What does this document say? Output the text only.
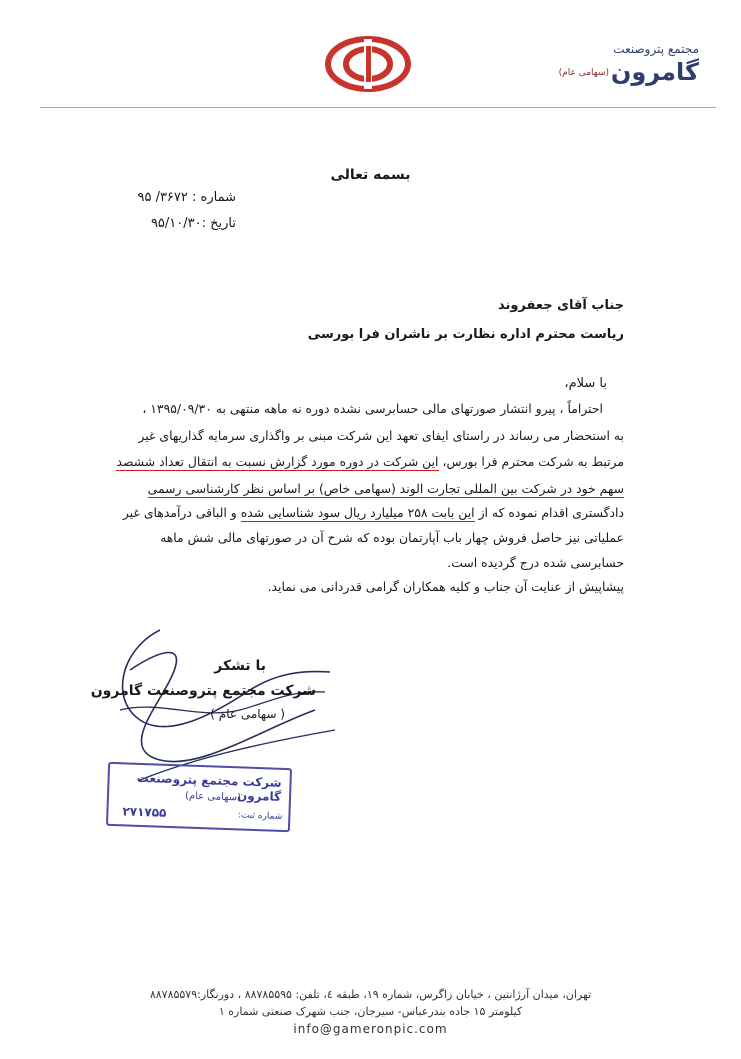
مجتمع پتروصنعت
گامرون
(سهامی عام)
بسمه تعالی
شماره : ۳۶۷۲/ ۹۵
تاریخ :۹۵/۱۰/۳۰
جناب آقای جعفروند
ریاست محترم اداره نظارت بر ناشران فرا بورسی
با سلام،
احتراماً ، پیرو انتشار صورتهای مالی حسابرسی نشده دوره نه ماهه منتهی به ۱۳۹۵/۰۹/۳۰ ،
به استحضار می رساند در راستای ایفای تعهد این شرکت مبنی بر واگذاری سرمایه گذاریهای غیر
مرتبط به شرکت محترم فرا بورس، این شرکت در دوره مورد گزارش نسبت به انتقال تعداد ششصد
سهم خود در شرکت بین المللی تجارت الوند (سهامی خاص) بر اساس نظر کارشناسی رسمی
دادگستری اقدام نموده که از این بابت ۲۵۸ میلیارد ریال سود شناسایی شده و الباقی درآمدهای غیر
عملیاتی نیز حاصل فروش چهار باب آپارتمان بوده که شرح آن در صورتهای مالی شش ماهه
حسابرسی شده درج گردیده است.
پیشاپیش از عنایت آن جناب و کلیه همکاران گرامی قدردانی می نماید.
با تشکر
شرکت مجتمع پتروصنعت گامرون
( سهامی عام )
شرکت مجتمع پتروصنعت گامرون
(سهامی عام)
شماره ثبت:
۲۷۱۷۵۵
تهران، میدان آرژانتین ، خیابان زاگرس، شماره ۱۹، طبقه ٤، تلفن: ۸۸۷۸۵۵۹۵ ، دورنگار:۸۸۷۸۵۵۷۹
کیلومتر ۱۵ جاده بندرعباس- سیرجان، جنب شهرک صنعتی شماره ۱
info@gameronpic.com
